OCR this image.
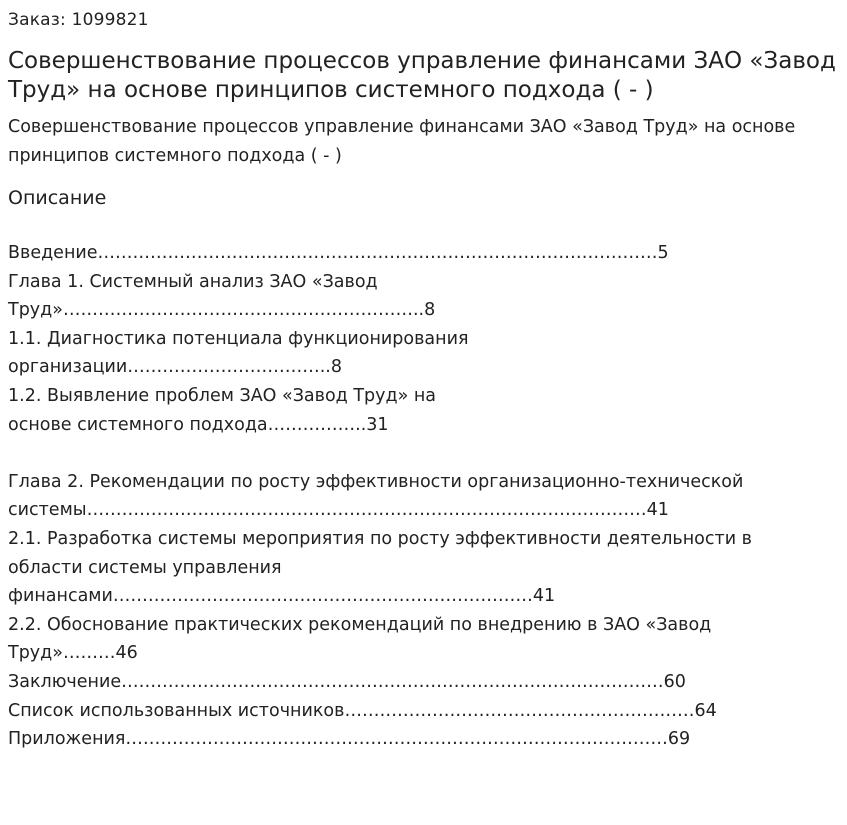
Заказ: 1099821
Совершенствование процессов управление финансами ЗАО «Завод Труд» на основе принципов системного подхода ( - )
Совершенствование процессов управление финансами ЗАО «Завод Труд» на основе принципов системного подхода ( - )
Описание
Введение……………………………………………………………………………………5
Глава 1. Системный анализ ЗАО «Завод
Труд»……………………………………………………..8
1.1. Диагностика потенциала функционирования
организации……………………………..8
1.2. Выявление проблем ЗАО «Завод Труд» на
основe системного подхода……………..31
Глава 2. Рекомендации по росту эффективности организационно-технической
системы……………………………………………………………………………………41
2.1. Разработка системы мероприятия по росту эффективности деятельности в
области системы управления
финансами………………………………………………………………41
2.2. Обоснование практических рекомендаций по внедрению в ЗАО «Завод
Труд»………46
Заключение…………………………………………………………………………………60
Список использованных источников……………………………………………………64
Приложения…………………………………………………………………………………69
